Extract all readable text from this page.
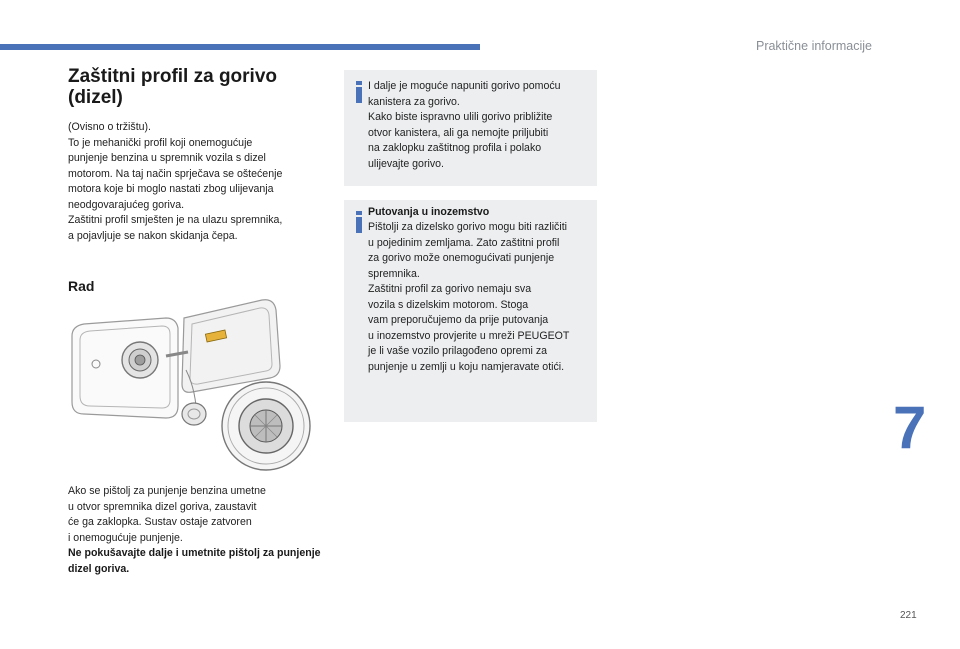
Praktične informacije
Zaštitni profil za gorivo (dizel)
(Ovisno o tržištu).
To je mehanički profil koji onemogućuje
punjenje benzina u spremnik vozila s dizel
motorom. Na taj način sprječava se oštećenje
motora koje bi moglo nastati zbog ulijevanja
neodgovarajućeg goriva.
Zaštitni profil smješten je na ulazu spremnika,
a pojavljuje se nakon skidanja čepa.
Rad
Ako se pištolj za punjenje benzina umetne
u otvor spremnika dizel goriva, zaustavit
će ga zaklopka. Sustav ostaje zatvoren
i onemogućuje punjenje.
Ne pokušavajte dalje i umetnite pištolj za punjenje dizel goriva.
I dalje je moguće napuniti gorivo pomoću
kanistera za gorivo.
Kako biste ispravno ulili gorivo približite
otvor kanistera, ali ga nemojte priljubiti
na zaklopku zaštitnog profila i polako
ulijevajte gorivo.
Putovanja u inozemstvo
Pištolji za dizelsko gorivo mogu biti različiti
u pojedinim zemljama. Zato zaštitni profil
za gorivo može onemogućivati punjenje
spremnika.
Zaštitni profil za gorivo nemaju sva
vozila s dizelskim motorom. Stoga
vam preporučujemo da prije putovanja
u inozemstvo provjerite u mreži PEUGEOT
je li vaše vozilo prilagođeno opremi za
punjenje u zemlji u koju namjeravate otići.
7
221
